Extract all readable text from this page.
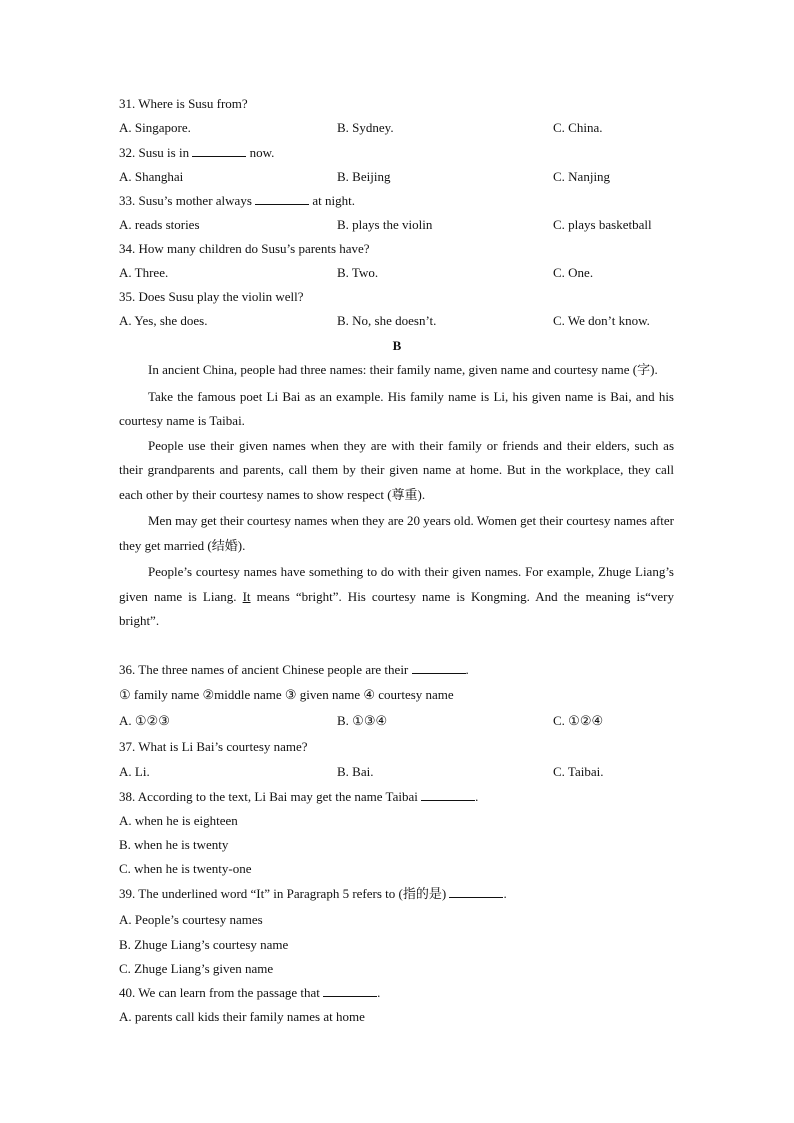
31. Where is Susu from?
A. Singapore.	B. Sydney.	C. China.
32. Susu is in	now.
A. Shanghai	B. Beijing	C. Nanjing
33. Susu’s mother always	at night.
A. reads stories	B. plays the violin	C. plays basketball
34. How many children do Susu’s parents have?
A. Three.	B. Two.	C. One.
35. Does Susu play the violin well?
A. Yes, she does.	B. No, she doesn’t.	C. We don’t know.
B

In ancient China, people had three names: their family name, given name and courtesy name (字).

Take the famous poet Li Bai as an example. His family name is Li, his given name is Bai, and his courtesy name is Taibai.

People use their given names when they are with their family or friends and their elders, such as their grandparents and parents, call them by their given name at home. But in the workplace, they call each other by their courtesy names to show respect (尊重).

Men may get their courtesy names when they are 20 years old. Women get their courtesy names after they get married (结婚).

People’s courtesy names have something to do with their given names. For example, Zhuge Liang’s given name is Liang. It means “bright”. His courtesy name is Kongming. And the meaning is“very bright”.

36. The three names of ancient Chinese people are their	.
① family name ②middle name ③ given name ④ courtesy name
A. ①②③	B. ①③④	C. ①②④
37. What is Li Bai’s courtesy name?
A. Li.	B. Bai.	C. Taibai.
38. According to the text, Li Bai may get the name Taibai	.
A. when he is eighteen
B. when he is twenty
C. when he is twenty-one
39. The underlined word “It” in Paragraph 5 refers to (指的是)	.
A. People’s courtesy names
B. Zhuge Liang’s courtesy name
C. Zhuge Liang’s given name
40. We can learn from the passage that	.
A. parents call kids their family names at home
